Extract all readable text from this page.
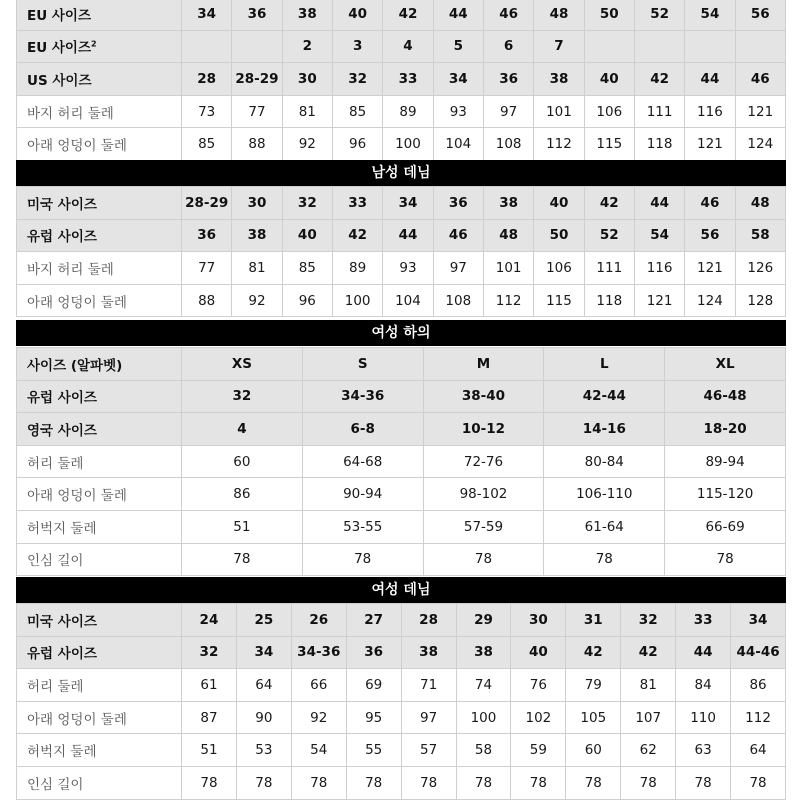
EU 사이즈	34	36	38	40	42	44	46	48	50	52	54	56
EU 사이즈$^2$			2	3	4	5	6	7				
US 사이즈	28	28-29	30	32	33	34	36	38	40	42	44	46
바지 허리 둘레	73	77	81	85	89	93	97	101	106	111	116	121
아래 엉덩이 둘레	85	88	92	96	100	104	108	112	115	118	121	124
남성 데님
미국 사이즈	28-29	30	32	33	34	36	38	40	42	44	46	48
유럽 사이즈	36	38	40	42	44	46	48	50	52	54	56	58
바지 허리 둘레	77	81	85	89	93	97	101	106	111	116	121	126
아래 엉덩이 둘레	88	92	96	100	104	108	112	115	118	121	124	128
여성 하의
사이즈 (알파벳)	XS	S	M	L	XL
유럽 사이즈	32	34-36	38-40	42-44	46-48
영국 사이즈	4	6-8	10-12	14-16	18-20
허리 둘레	60	64-68	72-76	80-84	89-94
아래 엉덩이 둘레	86	90-94	98-102	106-110	115-120
허벅지 둘레	51	53-55	57-59	61-64	66-69
인심 길이	78	78	78	78	78
여성 데님
미국 사이즈	24	25	26	27	28	29	30	31	32	33	34
유럽 사이즈	32	34	34-36	36	38	38	40	42	42	44	44-46
허리 둘레	61	64	66	69	71	74	76	79	81	84	86
아래 엉덩이 둘레	87	90	92	95	97	100	102	105	107	110	112
허벅지 둘레	51	53	54	55	57	58	59	60	62	63	64
인심 길이	78	78	78	78	78	78	78	78	78	78	78
